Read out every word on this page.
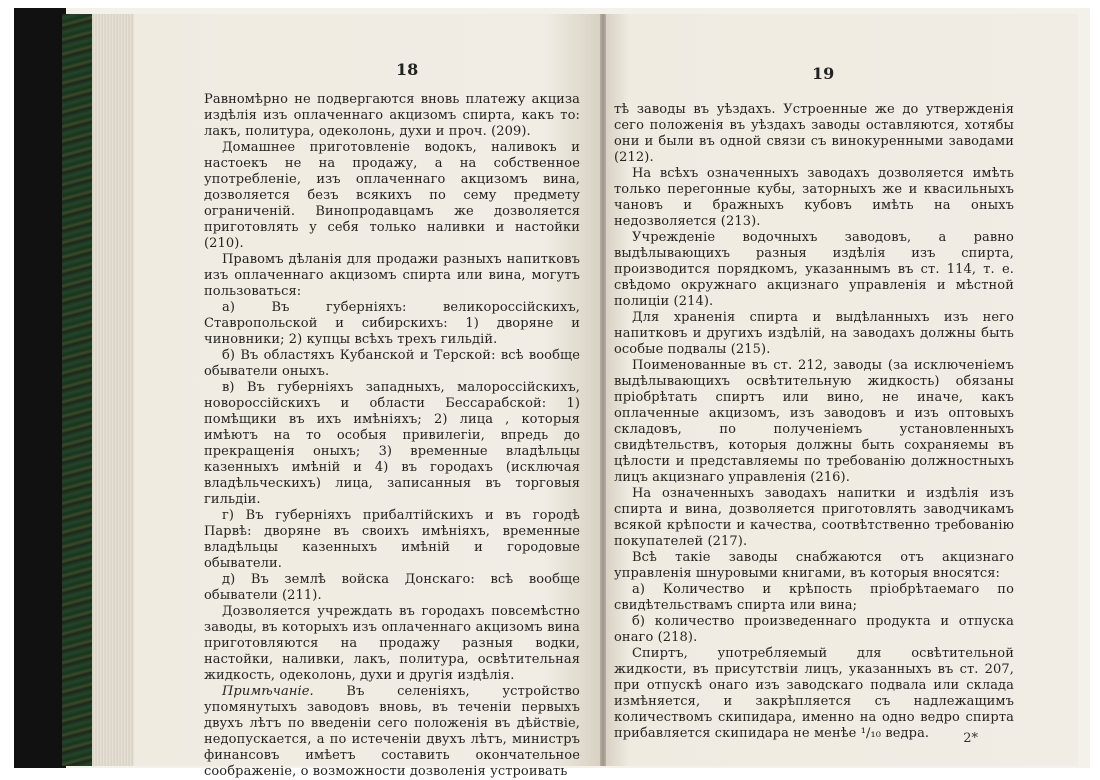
18

Равномѣрно не подвергаются вновь платежу акциза издѣлія изъ оплаченнаго акцизомъ спирта, какъ то: лакъ, политура, одеколонь, духи и проч. (209).

Домашнее приготовленіе водокъ, наливокъ и настоекъ не на продажу, а на собственное употребленіе, изъ оплаченнаго акцизомъ вина, дозволяется безъ всякихъ по сему предмету ограниченій. Винопродавцамъ же дозволяется приготовлять у себя только наливки и настойки (210).

Правомъ дѣланія для продажи разныхъ напитковъ изъ оплаченнаго акцизомъ спирта или вина, могутъ пользоваться:

а) Въ губерніяхъ: великороссійскихъ, Ставропольской и сибирскихъ: 1) дворяне и чиновники; 2) купцы всѣхъ трехъ гильдій.

б) Въ областяхъ Кубанской и Терской: всѣ вообще обыватели оныхъ.

в) Въ губерніяхъ западныхъ, малороссійскихъ, новороссійскихъ и области Бессарабской: 1) помѣщики въ ихъ имѣніяхъ; 2) лица , которыя имѣютъ на то особыя привилегіи, впредь до прекращенія оныхъ; 3) временные владѣльцы казенныхъ имѣній и 4) въ городахъ (исключая владѣльческихъ) лица, записанныя въ торговыя гильдіи.

г) Въ губерніяхъ прибалтійскихъ и въ городѣ Парвѣ: дворяне въ своихъ имѣніяхъ, временные владѣльцы казенныхъ имѣній и городовые обыватели.

д) Въ землѣ войска Донскаго: всѣ вообще обыватели (211).

Дозволяется учреждать въ городахъ повсемѣстно заводы, въ которыхъ изъ оплаченнаго акцизомъ вина приготовляются на продажу разныя водки, настойки, наливки, лакъ, политура, освѣтительная жидкость, одеколонь, духи и другія издѣлія.

Примѣчаніе. Въ селеніяхъ, устройство упомянутыхъ заводовъ вновь, въ теченіи первыхъ двухъ лѣтъ по введеніи сего положенія въ дѣйствіе, недопускается, а по истеченіи двухъ лѣтъ, министръ финансовъ имѣетъ составить окончательное соображеніе, о возможности дозволенія устроивать

19

тѣ заводы въ уѣздахъ. Устроенные же до утвержденія сего положенія въ уѣздахъ заводы оставляются, хотябы они и были въ одной связи съ винокуренными заводами (212).

На всѣхъ означенныхъ заводахъ дозволяется имѣть только перегонные кубы, заторныхъ же и квасильныхъ чановъ и бражныхъ кубовъ имѣть на оныхъ недозволяется (213).

Учрежденіе водочныхъ заводовъ, а равно выдѣлывающихъ разныя издѣлія изъ спирта, производится порядкомъ, указаннымъ въ ст. 114, т. е. свѣдомо окружнаго акцизнаго управленія и мѣстной полиціи (214).

Для храненія спирта и выдѣланныхъ изъ него напитковъ и другихъ издѣлій, на заводахъ должны быть особые подвалы (215).

Поименованные въ ст. 212, заводы (за исключеніемъ выдѣлывающихъ освѣтительную жидкость) обязаны пріобрѣтать спиртъ или вино, не иначе, какъ оплаченные акцизомъ, изъ заводовъ и изъ оптовыхъ складовъ, по полученіемъ установленныхъ свидѣтельствъ, которыя должны быть сохраняемы въ цѣлости и представляемы по требованію должностныхъ лицъ акцизнаго управленія (216).

На означенныхъ заводахъ напитки и издѣлія изъ спирта и вина, дозволяется приготовлять заводчикамъ всякой крѣпости и качества, соотвѣтственно требованію покупателей (217).

Всѣ такіе заводы снабжаются отъ акцизнаго управленія шнуровыми книгами, въ которыя вносятся:

а) Количество и крѣпость пріобрѣтаемаго по свидѣтельствамъ спирта или вина;

б) количество произведеннаго продукта и отпуска онаго (218).

Спиртъ, употребляемый для освѣтительной жидкости, въ присутствіи лицъ, указанныхъ въ ст. 207, при отпускѣ онаго изъ заводскаго подвала или склада измѣняется, и закрѣпляется съ надлежащимъ количествомъ скипидара, именно на одно ведро спирта прибавляется скипидара не менѣе ¹/₁₀ ведра.	2*
